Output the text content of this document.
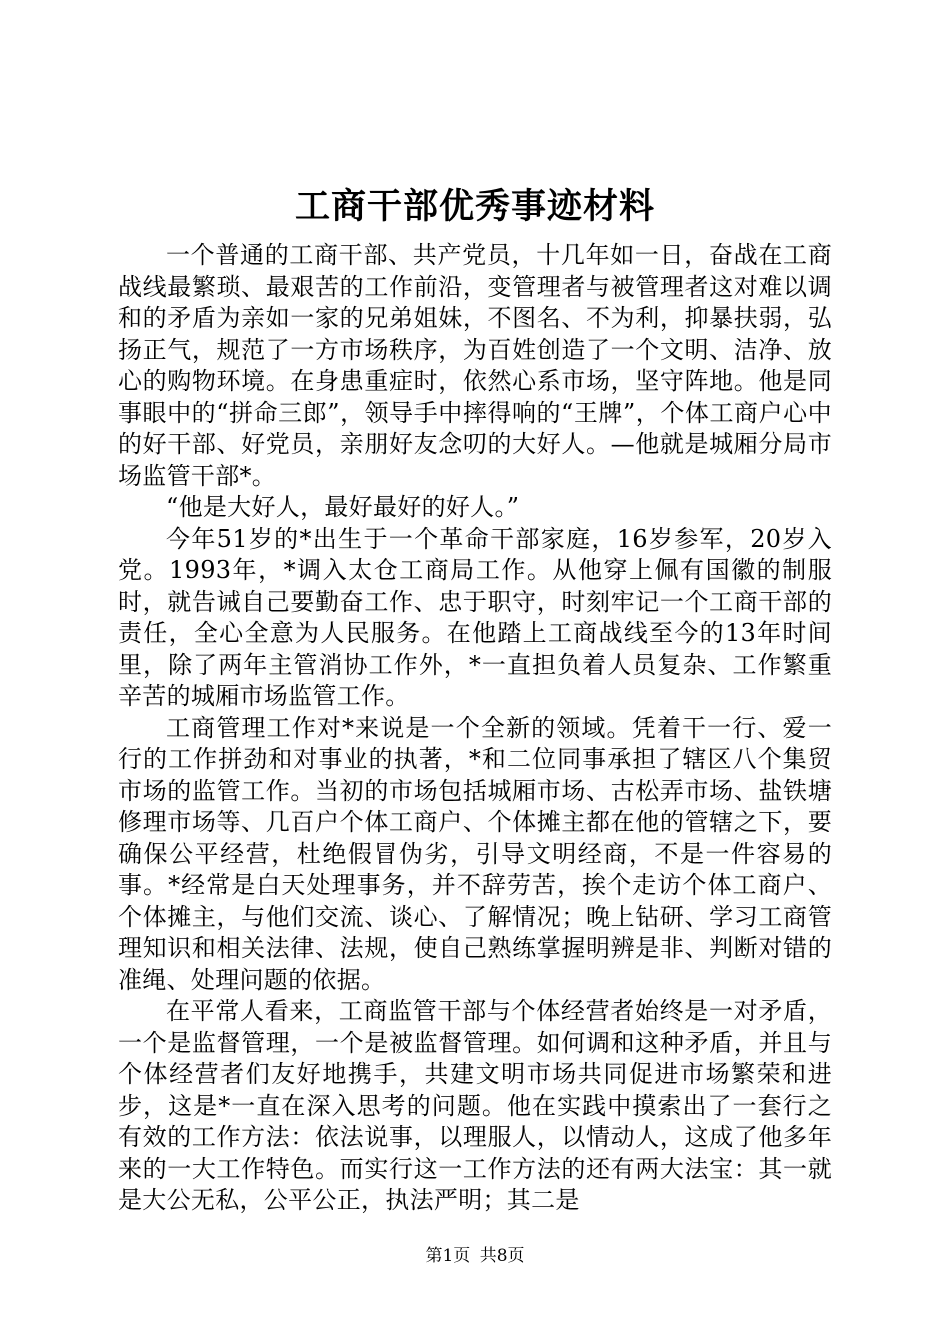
工商干部优秀事迹材料

一个普通的工商干部、共产党员，十几年如一日，奋战在工商战线最繁琐、最艰苦的工作前沿，变管理者与被管理者这对难以调和的矛盾为亲如一家的兄弟姐妹，不图名、不为利，抑暴扶弱，弘扬正气，规范了一方市场秩序，为百姓创造了一个文明、洁净、放心的购物环境。在身患重症时，依然心系市场，坚守阵地。他是同事眼中的“拼命三郎”，领导手中摔得响的“王牌”，个体工商户心中的好干部、好党员，亲朋好友念叨的大好人。—他就是城厢分局市场监管干部*。

“他是大好人，最好最好的好人。”

今年51岁的*出生于一个革命干部家庭，16岁参军，20岁入党。1993年，*调入太仓工商局工作。从他穿上佩有国徽的制服时，就告诫自己要勤奋工作、忠于职守，时刻牢记一个工商干部的责任，全心全意为人民服务。在他踏上工商战线至今的13年时间里，除了两年主管消协工作外，*一直担负着人员复杂、工作繁重辛苦的城厢市场监管工作。

工商管理工作对*来说是一个全新的领域。凭着干一行、爱一行的工作拼劲和对事业的执著，*和二位同事承担了辖区八个集贸市场的监管工作。当初的市场包括城厢市场、古松弄市场、盐铁塘修理市场等、几百户个体工商户、个体摊主都在他的管辖之下，要确保公平经营，杜绝假冒伪劣，引导文明经商，不是一件容易的事。*经常是白天处理事务，并不辞劳苦，挨个走访个体工商户、个体摊主，与他们交流、谈心、了解情况；晚上钻研、学习工商管理知识和相关法律、法规，使自己熟练掌握明辨是非、判断对错的准绳、处理问题的依据。

在平常人看来，工商监管干部与个体经营者始终是一对矛盾，一个是监督管理，一个是被监督管理。如何调和这种矛盾，并且与个体经营者们友好地携手，共建文明市场共同促进市场繁荣和进步，这是*一直在深入思考的问题。他在实践中摸索出了一套行之有效的工作方法：依法说事，以理服人，以情动人，这成了他多年来的一大工作特色。而实行这一工作方法的还有两大法宝：其一就是大公无私，公平公正，执法严明；其二是

第1页 共8页
